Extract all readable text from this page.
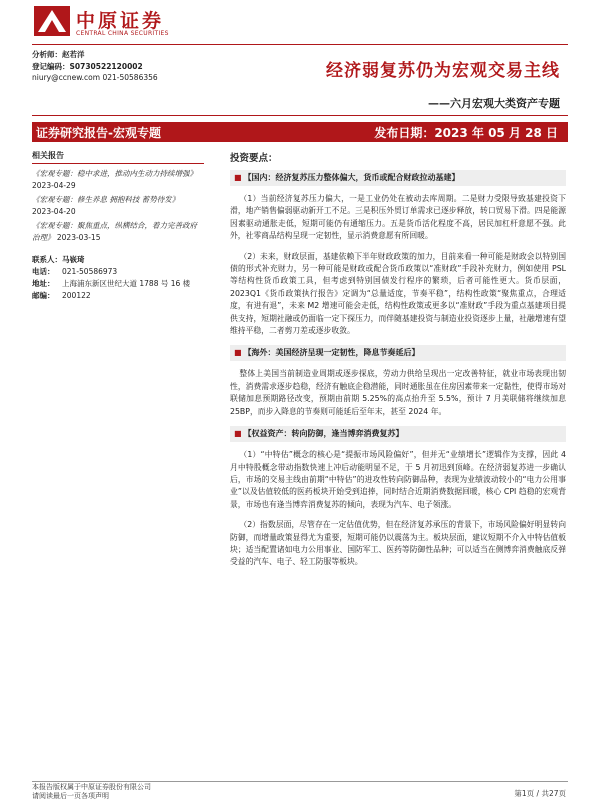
中原证券
CENTRAL CHINA SECURITIES
分析师：赵若洋
登记编码：S0730522120002
niury@ccnew.com 021-50586356	经济弱复苏仍为宏观交易主线
——六月宏观大类资产专题
证券研究报告-宏观专题	发布日期：2023 年 05 月 28 日
相关报告
《宏观专题：稳中求进，推动内生动力持续增强》 2023-04-29
《宏观专题：修生养息 拥抱科技 蓄势待发》
2023-04-20
《宏观专题：聚焦重点，纵横结合，着力完善政府治理》 2023-03-15
联系人： 马嵚琦
电话：	021-50586973
地址：	上海浦东新区世纪大道 1788 号 16 楼
邮编：	200122
投资要点：
■ 【国内：经济复苏压力整体偏大，货币或配合财政拉动基建】

（1）当前经济复苏压力偏大，一是工业仍处在被动去库周期。二是财力受限导致基建投资下滑，地产销售偏弱驱动新开工不足。三是积压外贸订单需求已逐步释放，转口贸易下滑。四是能源因素驱动通胀走低，短期可能仍有通缩压力。五是货币活化程度不高，居民加杠杆意愿不强。此外，社零商品结构呈现一定韧性，显示消费意愿有所回暖。

（2）未来，财政层面，基建依赖下半年财政政策的加力，目前来看一种可能是财政会以特别国债的形式补充财力，另一种可能是财政或配合货币政策以“准财政”手段补充财力，例如使用 PSL 等结构性货币政策工具，但考虑到特别国债发行程序的繁琐，后者可能性更大。货币层面，2023Q1《货币政策执行报告》定调为“总量适度，节奏平稳”，结构性政策“聚焦重点，合理适度，有进有退”，未来 M2 增速可能会走低，结构性政策或更多以“准财政”手段为重点基建项目提供支持，短期社融或仍面临一定下探压力，而伴随基建投资与制造业投资逐步上量，社融增速有望维持平稳，二者剪刀差或逐步收敛。

■ 【海外：美国经济呈现一定韧性，降息节奏延后】

整体上美国当前制造业周期或逐步探底，劳动力供给呈现出一定改善特征，就业市场表现出韧性，消费需求逐步趋稳，经济有触底企稳潜能，同时通胀虽在住房因素带来一定黏性，使得市场对联储加息预期路径改变，预期由前期 5.25%的高点抬升至 5.5%，预计 7 月美联储将继续加息 25BP，而步入降息的节奏则可能延后至年末，甚至 2024 年。

■ 【权益资产：转向防御，逢当博弈消费复苏】

（1）“中特估”概念的核心是“提振市场风险偏好”，但并无“业绩增长”逻辑作为支撑，因此 4 月中特股概念带动指数快速上冲后动能明显不足，于 5 月初迅到顶峰。在经济弱复苏进一步确认后，市场的交易主线由前期“中特估”的进攻性转向防御品种，表现为业绩波动较小的“电力公用事业”以及估值较低的医药板块开始受到追捧，同时结合近期消费数据回暖，核心 CPI 趋稳的宏观背景，市场也有逢当博弈消费复苏的倾向，表现为汽车、电子领涨。

（2）指数层面，尽管存在一定估值优势，但在经济复苏承压的背景下，市场风险偏好明显转向防御，而增量政策显得尤为重要，短期可能仍以震荡为主。板块层面，建议短期不介入中特估值板块；适当配置诸如电力公用事业、国防军工、医药等防御性品种；可以适当在侧博弈消费触底反弹受益的汽车、电子、轻工防服等板块。

本报告版权属于中原证券股份有限公司
请阅读最后一页各项声明	第1页 / 共27页
